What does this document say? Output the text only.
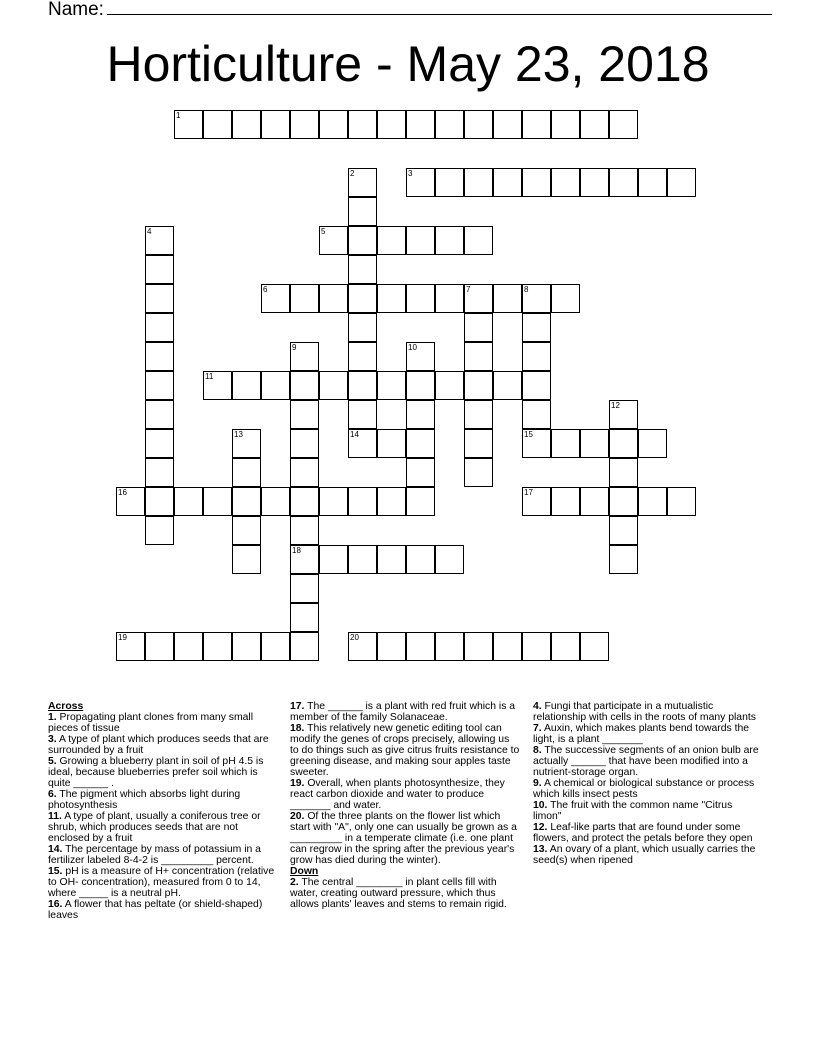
Name:
Horticulture - May 23, 2018
1
2
14
3
4	5
6	7	8
15
9
18
10
11
12
13
16	17
19	20
Across
1. Propagating plant clones from many small pieces of tissue
3. A type of plant which produces seeds that are surrounded by a fruit
5. Growing a blueberry plant in soil of pH 4.5 is ideal, because blueberries prefer soil which is quite ______ .
6. The pigment which absorbs light during photosynthesis
11. A type of plant, usually a coniferous tree or shrub, which produces seeds that are not enclosed by a fruit
14. The percentage by mass of potassium in a fertilizer labeled 8-4-2 is _________ percent.
15. pH is a measure of H+ concentration (relative to OH- concentration), measured from 0 to 14, where _____ is a neutral pH.
16. A flower that has peltate (or shield-shaped) leaves
17. The ______ is a plant with red fruit which is a member of the family Solanaceae.
18. This relatively new genetic editing tool can modify the genes of crops precisely, allowing us to do things such as give citrus fruits resistance to greening disease, and making sour apples taste sweeter.
19. Overall, when plants photosynthesize, they react carbon dioxide and water to produce _______ and water.
20. Of the three plants on the flower list which start with "A", only one can usually be grown as a _________ in a temperate climate (i.e. one plant can regrow in the spring after the previous year's grow has died during the winter).
Down
2. The central ________ in plant cells fill with water, creating outward pressure, which thus allows plants' leaves and stems to remain rigid.
4. Fungi that participate in a mutualistic relationship with cells in the roots of many plants
7. Auxin, which makes plants bend towards the light, is a plant _______
8. The successive segments of an onion bulb are actually ______ that have been modified into a nutrient-storage organ.
9. A chemical or biological substance or process which kills insect pests
10. The fruit with the common name "Citrus limon"
12. Leaf-like parts that are found under some flowers, and protect the petals before they open
13. An ovary of a plant, which usually carries the seed(s) when ripened
